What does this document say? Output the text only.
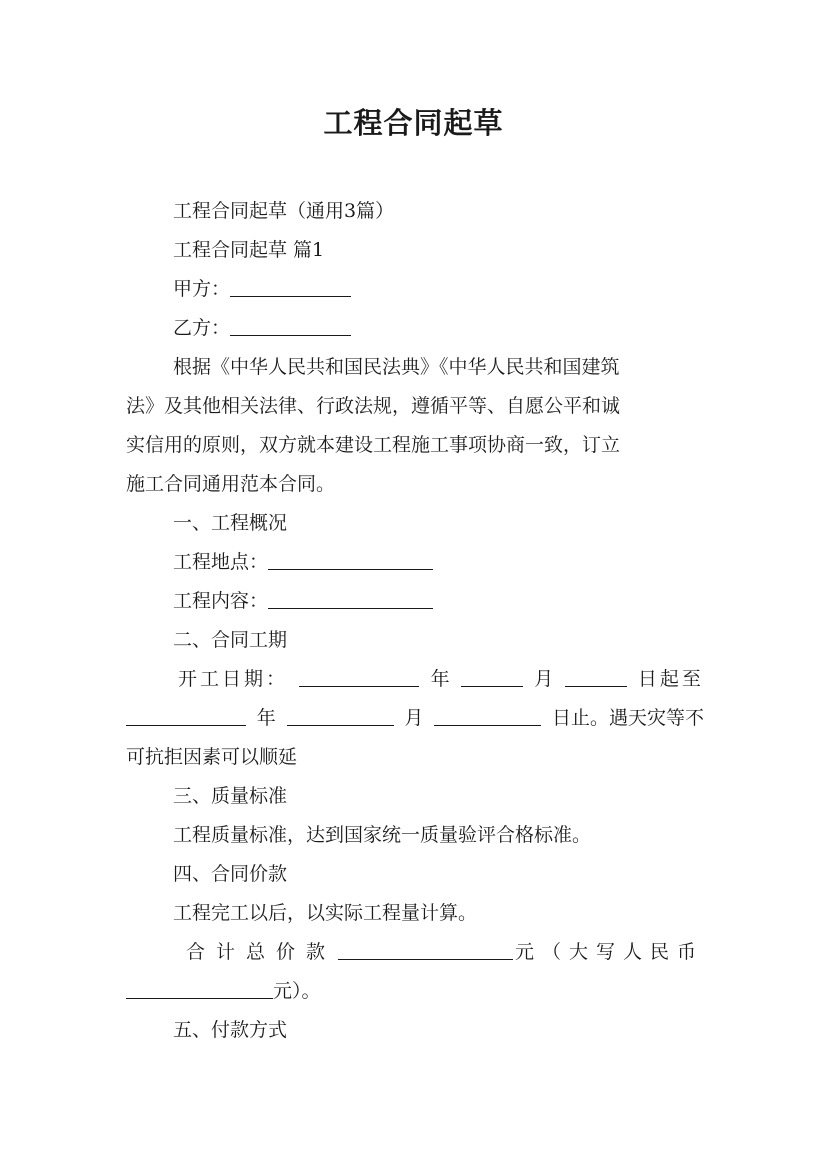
工程合同起草
工程合同起草（通用3篇）
工程合同起草 篇1
甲方：
乙方：
根据《中华人民共和国民法典》《中华人民共和国建筑
法》及其他相关法律、行政法规，遵循平等、自愿公平和诚
实信用的原则，双方就本建设工程施工事项协商一致，订立
施工合同通用范本合同。
一、工程概况
工程地点：
工程内容：
二、合同工期
开工日期：	年	月	日起至
年	月	日止。遇天灾等不
可抗拒因素可以顺延
三、质量标准
工程质量标准，达到国家统一质量验评合格标准。
四、合同价款
工程完工以后，以实际工程量计算。
合计总价款	元（大写人民币
元）。
五、付款方式
